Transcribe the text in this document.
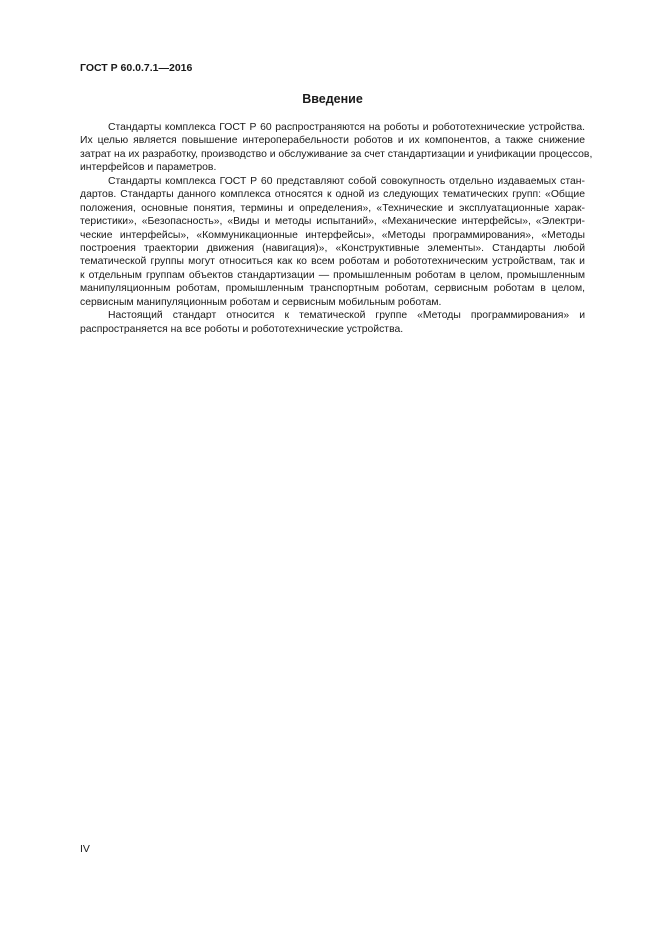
ГОСТ Р 60.0.7.1—2016
Введение
Стандарты комплекса ГОСТ Р 60 распространяются на роботы и робототехнические устройства.
Их целью является повышение интероперабельности роботов и их компонентов, а также снижение
затрат на их разработку, производство и обслуживание за счет стандартизации и унификации процессов,
интерфейсов и параметров.
Стандарты комплекса ГОСТ Р 60 представляют собой совокупность отдельно издаваемых стан-
дартов. Стандарты данного комплекса относятся к одной из следующих тематических групп: «Общие
положения, основные понятия, термины и определения», «Технические и эксплуатационные харак-
теристики», «Безопасность», «Виды и методы испытаний», «Механические интерфейсы», «Электри-
ческие интерфейсы», «Коммуникационные интерфейсы», «Методы программирования», «Методы
построения траектории движения (навигация)», «Конструктивные элементы». Стандарты любой
тематической группы могут относиться как ко всем роботам и робототехническим устройствам, так и
к отдельным группам объектов стандартизации — промышленным роботам в целом, промышленным
манипуляционным роботам, промышленным транспортным роботам, сервисным роботам в целом,
сервисным манипуляционным роботам и сервисным мобильным роботам.
Настоящий стандарт относится к тематической группе «Методы программирования» и
распространяется на все роботы и робототехнические устройства.
IV
